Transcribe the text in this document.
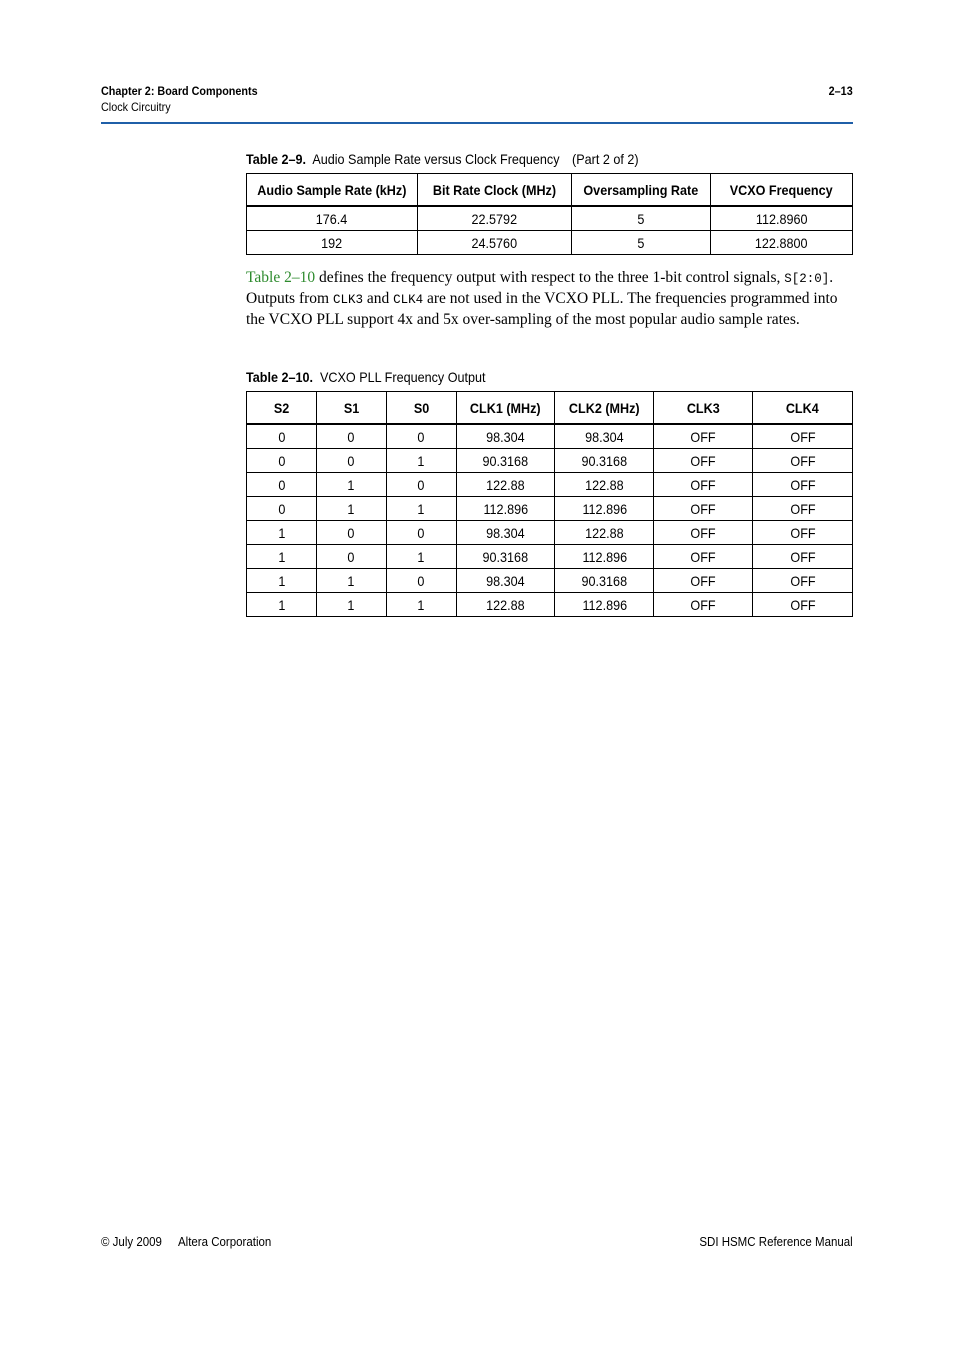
Chapter 2: Board Components
Clock Circuitry
2–13
Table 2–9. Audio Sample Rate versus Clock Frequency (Part 2 of 2)
Audio Sample Rate (kHz)	Bit Rate Clock (MHz)	Oversampling Rate	VCXO Frequency
176.4	22.5792	5	112.8960
192	24.5760	5	122.8800
Table 2–10 defines the frequency output with respect to the three 1-bit control signals, S[2:0]. Outputs from CLK3 and CLK4 are not used in the VCXO PLL. The frequencies programmed into the VCXO PLL support 4x and 5x over-sampling of the most popular audio sample rates.
Table 2–10. VCXO PLL Frequency Output
S2	S1	S0	CLK1 (MHz)	CLK2 (MHz)	CLK3	CLK4
0	0	0	98.304	98.304	OFF	OFF
0	0	1	90.3168	90.3168	OFF	OFF
0	1	0	122.88	122.88	OFF	OFF
0	1	1	112.896	112.896	OFF	OFF
1	0	0	98.304	122.88	OFF	OFF
1	0	1	90.3168	112.896	OFF	OFF
1	1	0	98.304	90.3168	OFF	OFF
1	1	1	122.88	112.896	OFF	OFF
© July 2009 Altera Corporation	SDI HSMC Reference Manual
